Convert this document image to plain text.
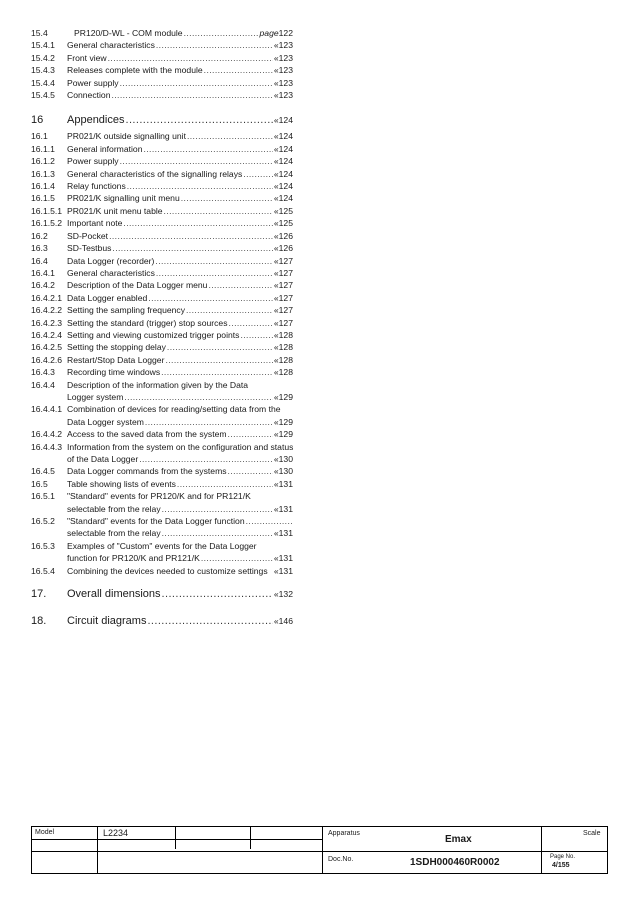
15.4	PR120/D-WL - COM module .....	page 122
15.4.1	General characteristics .....	« 123
15.4.2	Front view .....	« 123
15.4.3	Releases complete with the module .....	« 123
15.4.4	Power supply .....	« 123
15.4.5	Connection .....	« 123
16	Appendices .....	« 124
16.1	PR021/K outside signalling unit .....	« 124
16.1.1	General information .....	« 124
16.1.2	Power supply .....	« 124
16.1.3	General characteristics of the signalling relays .....	« 124
16.1.4	Relay functions .....	« 124
16.1.5	PR021/K signalling unit menu .....	« 124
16.1.5.1 PR021/K unit menu table .....	« 125
16.1.5.2 Important note .....	« 125
16.2	SD-Pocket .....	« 126
16.3	SD-Testbus .....	« 126
16.4	Data Logger (recorder) .....	« 127
16.4.1	General characteristics .....	« 127
16.4.2	Description of the Data Logger menu .....	« 127
16.4.2.1 Data Logger enabled .....	« 127
16.4.2.2 Setting the sampling frequency .....	« 127
16.4.2.3 Setting the standard (trigger) stop sources .....	« 127
16.4.2.4 Setting and viewing customized trigger points .....	« 128
16.4.2.5 Setting the stopping delay .....	« 128
16.4.2.6 Restart/Stop Data Logger .....	« 128
16.4.3	Recording time windows .....	« 128
16.4.4	Description of the information given by the Data
Logger system .....	« 129
16.4.4.1 Combination of devices for reading/setting data from the
Data Logger system .....	« 129
16.4.4.2 Access to the saved data from the system .....	« 129
16.4.4.3 Information from the system on the configuration and status
of the Data Logger .....	« 130
16.4.5	Data Logger commands from the systems .....	« 130
16.5	Table showing lists of events .....	« 131
16.5.1	"Standard" events for PR120/K and for PR121/K
selectable from the relay .....	« 131
16.5.2	"Standard" events for the Data Logger function
.....
selectable from the relay .....	« 131
16.5.3	Examples of "Custom" events for the Data Logger
function for PR120/K and PR121/K .....	« 131
16.5.4	Combining the devices needed to customize settings « 131
17.	Overall dimensions .....	« 132
18.	Circuit diagrams .....	« 146
Model	L2234	Apparatus
Emax
Scale
Doc.No.	1SDH000460R0002	Page No.
4/155
